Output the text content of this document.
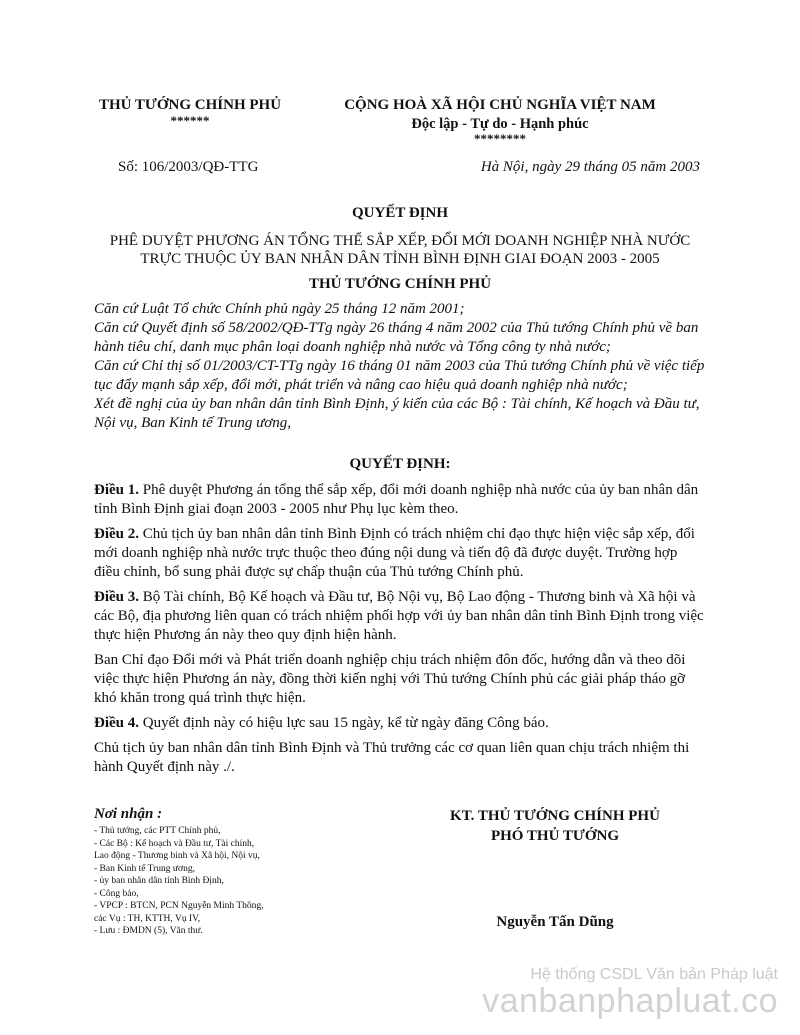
THỦ TƯỚNG CHÍNH PHỦ
******
CỘNG HOÀ XÃ HỘI CHỦ NGHĨA VIỆT NAM
Độc lập - Tự do - Hạnh phúc
********
Số: 106/2003/QĐ-TTG	Hà Nội, ngày 29 tháng 05 năm 2003
QUYẾT ĐỊNH
PHÊ DUYỆT PHƯƠNG ÁN TỔNG THỂ SẮP XẾP, ĐỔI MỚI DOANH NGHIỆP NHÀ NƯỚC
TRỰC THUỘC ỦY BAN NHÂN DÂN TỈNH BÌNH ĐỊNH GIAI ĐOẠN 2003 - 2005
THỦ TƯỚNG CHÍNH PHỦ

Căn cứ Luật Tổ chức Chính phủ ngày 25 tháng 12 năm 2001;

Căn cứ Quyết định số 58/2002/QĐ-TTg ngày 26 tháng 4 năm 2002 của Thủ tướng Chính phủ về ban hành tiêu chí, danh mục phân loại doanh nghiệp nhà nước và Tổng công ty nhà nước;

Căn cứ Chỉ thị số 01/2003/CT-TTg ngày 16 tháng 01 năm 2003 của Thủ tướng Chính phủ về việc tiếp tục đẩy mạnh sắp xếp, đổi mới, phát triển và nâng cao hiệu quả doanh nghiệp nhà nước;

Xét đề nghị của ủy ban nhân dân tỉnh Bình Định, ý kiến của các Bộ : Tài chính, Kế hoạch và Đầu tư, Nội vụ, Ban Kinh tế Trung ương,

QUYẾT ĐỊNH:

Điều 1. Phê duyệt Phương án tổng thể sắp xếp, đổi mới doanh nghiệp nhà nước của ủy ban nhân dân tỉnh Bình Định giai đoạn 2003 - 2005 như Phụ lục kèm theo.

Điều 2. Chủ tịch ủy ban nhân dân tỉnh Bình Định có trách nhiệm chỉ đạo thực hiện việc sắp xếp, đổi mới doanh nghiệp nhà nước trực thuộc theo đúng nội dung và tiến độ đã được duyệt. Trường hợp điều chỉnh, bổ sung phải được sự chấp thuận của Thủ tướng Chính phủ.

Điều 3. Bộ Tài chính, Bộ Kế hoạch và Đầu tư, Bộ Nội vụ, Bộ Lao động - Thương binh và Xã hội và các Bộ, địa phương liên quan có trách nhiệm phối hợp với ủy ban nhân dân tỉnh Bình Định trong việc thực hiện Phương án này theo quy định hiện hành.

Ban Chỉ đạo Đổi mới và Phát triển doanh nghiệp chịu trách nhiệm đôn đốc, hướng dẫn và theo dõi việc thực hiện Phương án này, đồng thời kiến nghị với Thủ tướng Chính phủ các giải pháp tháo gỡ khó khăn trong quá trình thực hiện.

Điều 4. Quyết định này có hiệu lực sau 15 ngày, kể từ ngày đăng Công báo.

Chủ tịch ủy ban nhân dân tỉnh Bình Định và Thủ trưởng các cơ quan liên quan chịu trách nhiệm thi hành Quyết định này ./.

Nơi nhận :
- Thủ tướng, các PTT Chính phủ,
- Các Bộ : Kế hoạch và Đầu tư, Tài chính,
Lao động - Thương binh và Xã hội, Nội vụ,
- Ban Kinh tế Trung ương,
- ủy ban nhân dân tỉnh Bình Định,
- Công báo,
- VPCP : BTCN, PCN Nguyễn Minh Thông,
các Vụ : TH, KTTH, Vụ IV,
- Lưu : ĐMDN (5), Văn thư.
KT. THỦ TƯỚNG CHÍNH PHỦ
PHÓ THỦ TƯỚNG
Nguyễn Tấn Dũng
Hệ thống CSDL Văn bản Pháp luật
vanbanphapluat.co
